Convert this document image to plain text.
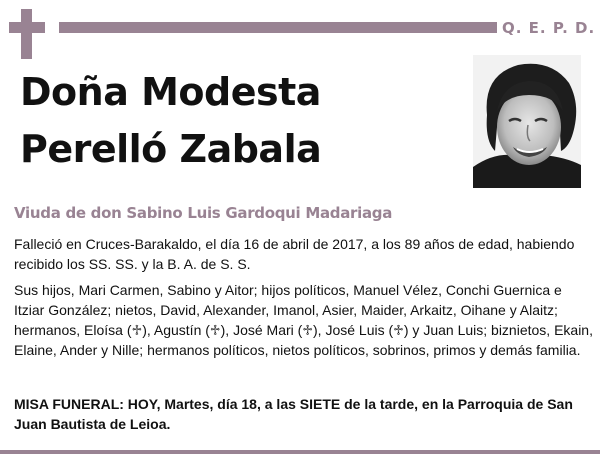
Q. E. P. D.
Doña Modesta
Perelló Zabala
Viuda de don Sabino Luis Gardoqui Madariaga
Falleció en Cruces-Barakaldo, el día 16 de abril de 2017, a los 89 años de edad, habiendo recibido los SS. SS. y la B. A. de S. S.
Sus hijos, Mari Carmen, Sabino y Aitor; hijos políticos, Manuel Vélez, Conchi Guernica e Itziar González; nietos, David, Alexander, Imanol, Asier, Maider, Arkaitz, Oihane y Alaitz; hermanos, Eloísa (♱), Agustín (♱), José Mari (♱), José Luis (♱) y Juan Luis; biznietos, Ekain, Elaine, Ander y Nille; hermanos políticos, nietos políticos, sobrinos, primos y demás familia.
MISA FUNERAL: HOY, Martes, día 18, a las SIETE de la tarde, en la Parroquia de San Juan Bautista de Leioa.
